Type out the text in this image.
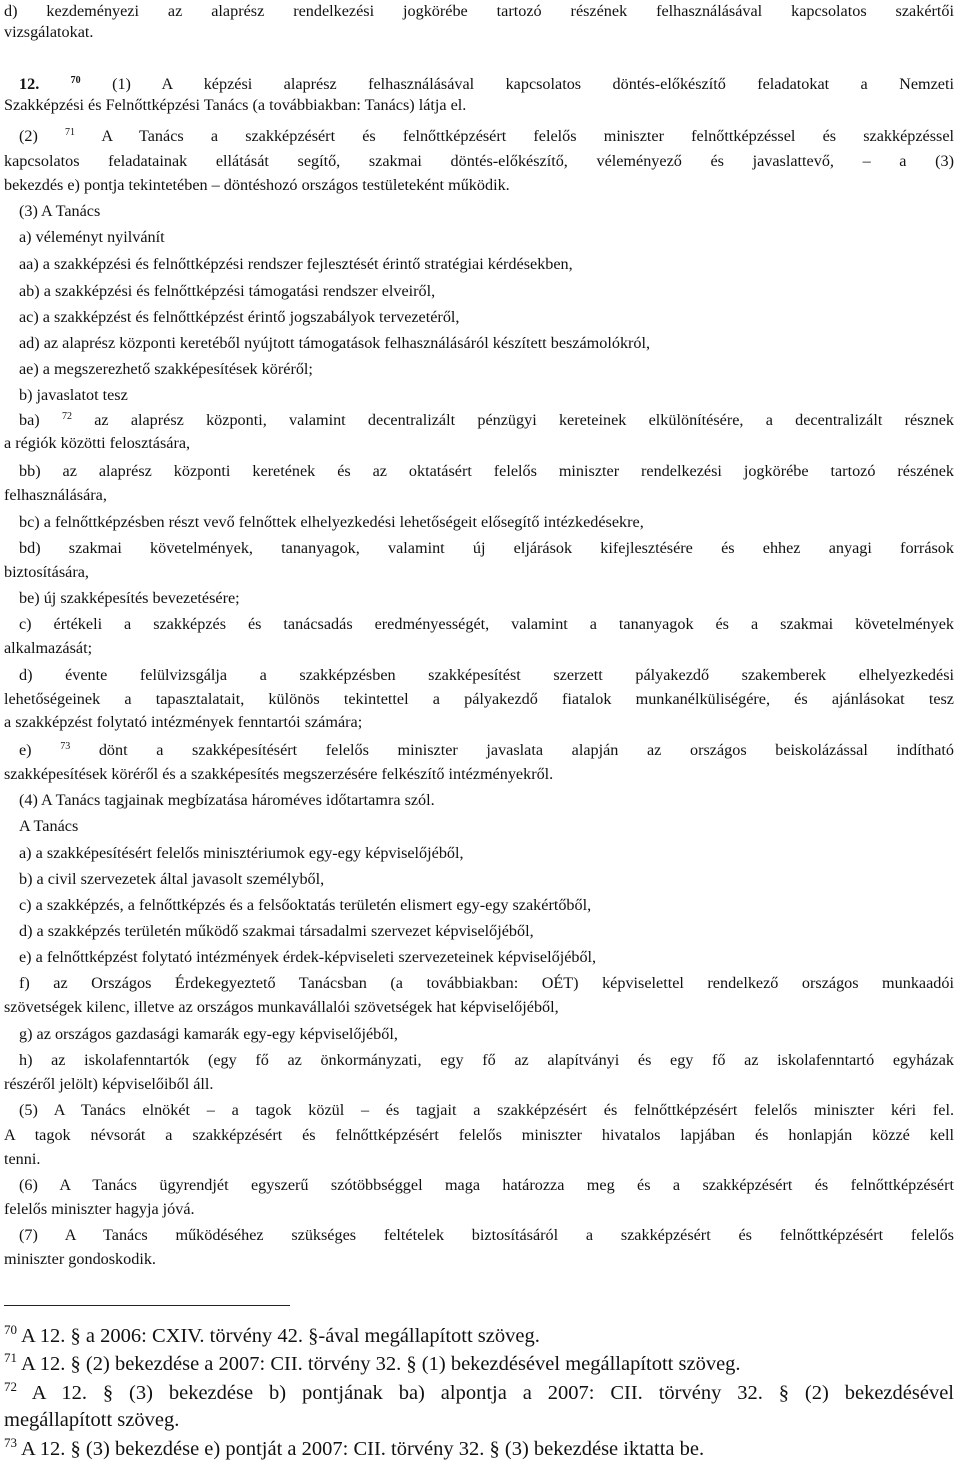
d) kezdeményezi az alaprész rendelkezési jogkörébe tartozó részének felhasználásával kapcsolatos szakértői
vizsgálatokat.
12.	$^{70}$ (1) A képzési alaprész felhasználásával kapcsolatos döntés-előkészítő feladatokat a Nemzeti
Szakképzési és Felnőttképzési Tanács (a továbbiakban: Tanács) látja el.
(2)	$^{71}$ A Tanács a szakképzésért és felnőttképzésért felelős miniszter felnőttképzéssel és szakképzéssel
kapcsolatos feladatainak ellátását segítő, szakmai döntés-előkészítő, véleményező és javaslattevő, – a (3)
bekezdés e) pontja tekintetében – döntéshozó országos testületeként működik.
(3) A Tanács
a) véleményt nyilvánít
aa) a szakképzési és felnőttképzési rendszer fejlesztését érintő stratégiai kérdésekben,
ab) a szakképzési és felnőttképzési támogatási rendszer elveiről,
ac) a szakképzést és felnőttképzést érintő jogszabályok tervezetéről,
ad) az alaprész központi keretéből nyújtott támogatások felhasználásáról készített beszámolókról,
ae) a megszerezhető szakképesítések köréről;
b) javaslatot tesz
ba) $^{72}$ az alaprész központi, valamint decentralizált pénzügyi kereteinek elkülönítésére, a decentralizált résznek
a régiók közötti felosztására,
bb) az alaprész központi keretének és az oktatásért felelős miniszter rendelkezési jogkörébe tartozó részének
felhasználására,
bc) a felnőttképzésben részt vevő felnőttek elhelyezkedési lehetőségeit elősegítő intézkedésekre,
bd) szakmai követelmények, tananyagok, valamint új eljárások kifejlesztésére és ehhez anyagi források
biztosítására,
be) új szakképesítés bevezetésére;
c) értékeli a szakképzés és tanácsadás eredményességét, valamint a tananyagok és a szakmai követelmények
alkalmazását;
d) évente felülvizsgálja a szakképzésben szakképesítést szerzett pályakezdő szakemberek elhelyezkedési
lehetőségeinek a tapasztalatait, különös tekintettel a pályakezdő fiatalok munkanélküliségére, és ajánlásokat tesz
a szakképzést folytató intézmények fenntartói számára;
e)	$^{73}$ dönt a szakképesítésért felelős miniszter javaslata alapján az országos beiskolázással indítható
szakképesítések köréről és a szakképesítés megszerzésére felkészítő intézményekről.
(4) A Tanács tagjainak megbízatása hároméves időtartamra szól.
A Tanács
a) a szakképesítésért felelős minisztériumok egy-egy képviselőjéből,
b) a civil szervezetek által javasolt személyből,
c) a szakképzés, a felnőttképzés és a felsőoktatás területén elismert egy-egy szakértőből,
d) a szakképzés területén működő szakmai társadalmi szervezet képviselőjéből,
e) a felnőttképzést folytató intézmények érdek-képviseleti szervezeteinek képviselőjéből,
f) az Országos Érdekegyeztető Tanácsban (a továbbiakban: OÉT) képviselettel rendelkező országos munkaadói
szövetségek kilenc, illetve az országos munkavállalói szövetségek hat képviselőjéből,
g) az országos gazdasági kamarák egy-egy képviselőjéből,
h) az iskolafenntartók (egy fő az önkormányzati, egy fő az alapítványi és egy fő az iskolafenntartó egyházak
részéről jelölt) képviselőiből áll.
(5) A Tanács elnökét – a tagok közül – és tagjait a szakképzésért és felnőttképzésért felelős miniszter kéri fel.
A tagok névsorát a szakképzésért és felnőttképzésért felelős miniszter hivatalos lapjában és honlapján közzé kell
tenni.
(6) A Tanács ügyrendjét egyszerű szótöbbséggel maga határozza meg és a szakképzésért és felnőttképzésért
felelős miniszter hagyja jóvá.
(7) A Tanács működéséhez szükséges feltételek biztosításáról a szakképzésért és felnőttképzésért felelős
miniszter gondoskodik.
$^{70}$ A 12. § a 2006: CXIV. törvény 42. §-ával megállapított szöveg.
$^{71}$ A 12. § (2) bekezdése a 2007: CII. törvény 32. § (1) bekezdésével megállapított szöveg.
$^{72}$ A 12. § (3) bekezdése b) pontjának ba) alpontja a 2007: CII. törvény 32. § (2) bekezdésével
megállapított szöveg.
$^{73}$ A 12. § (3) bekezdése e) pontját a 2007: CII. törvény 32. § (3) bekezdése iktatta be.
